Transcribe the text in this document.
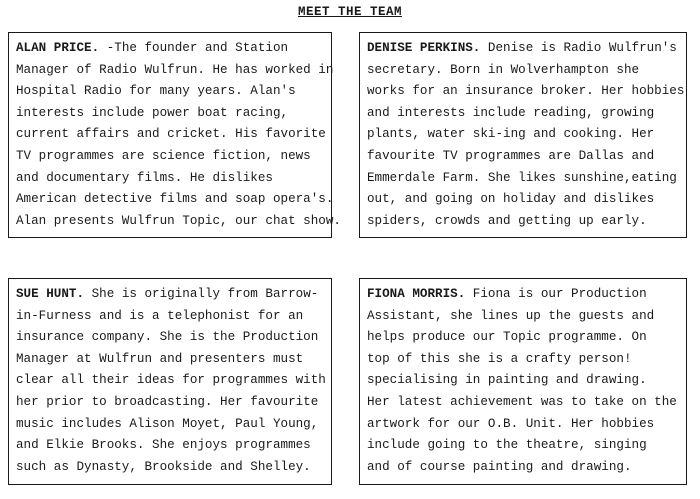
MEET THE TEAM

ALAN PRICE. -The founder and Station
Manager of Radio Wulfrun. He has worked in
Hospital Radio for many years. Alan's
interests include power boat racing,
current affairs and cricket. His favorite
TV programmes are science fiction, news
and documentary films. He dislikes
American detective films and soap opera's.
Alan presents Wulfrun Topic, our chat show.

DENISE PERKINS. Denise is Radio Wulfrun's
secretary. Born in Wolverhampton she
works for an insurance broker. Her hobbies
and interests include reading, growing
plants, water ski-ing and cooking. Her
favourite TV programmes are Dallas and
Emmerdale Farm. She likes sunshine,eating
out, and going on holiday and dislikes
spiders, crowds and getting up early.

SUE HUNT. She is originally from Barrow-
in-Furness and is a telephonist for an
insurance company. She is the Production
Manager at Wulfrun and presenters must
clear all their ideas for programmes with
her prior to broadcasting. Her favourite
music includes Alison Moyet, Paul Young,
and Elkie Brooks. She enjoys programmes
such as Dynasty, Brookside and Shelley.

FIONA MORRIS. Fiona is our Production
Assistant, she lines up the guests and
helps produce our Topic programme. On
top of this she is a crafty person!
specialising in painting and drawing.
Her latest achievement was to take on the
artwork for our O.B. Unit. Her hobbies
include going to the theatre, singing
and of course painting and drawing.
